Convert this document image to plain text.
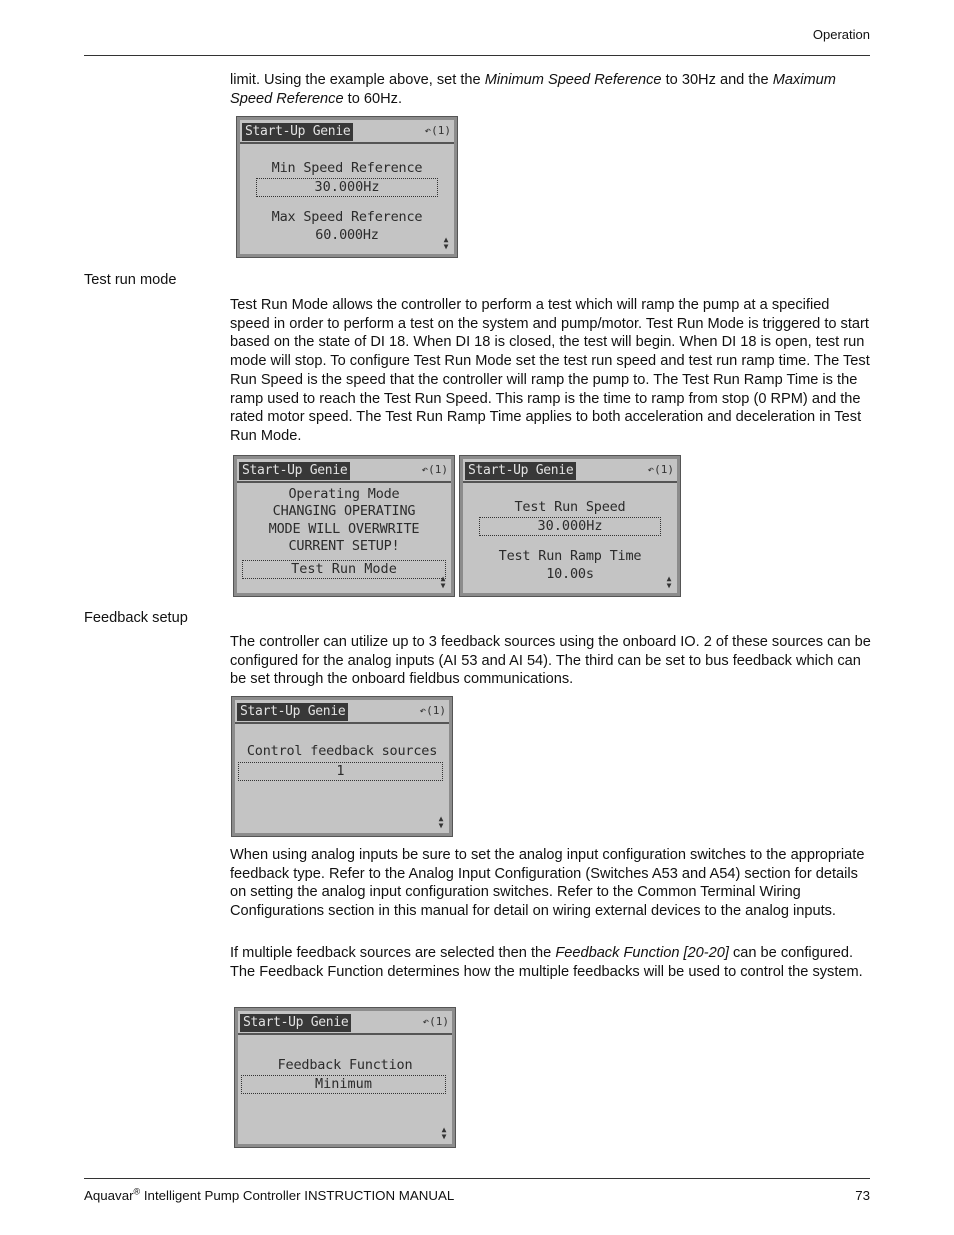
Operation

limit. Using the example above, set the Minimum Speed Reference to 30Hz and the Maximum Speed Reference to 60Hz.

Start-Up Genie	↶(1)
Min Speed Reference
30.000Hz
Max Speed Reference
60.000Hz	▲
▼
Test run mode

Test Run Mode allows the controller to perform a test which will ramp the pump at a specified speed in order to perform a test on the system and pump/motor. Test Run Mode is triggered to start based on the state of DI 18. When DI 18 is closed, the test will begin. When DI 18 is open, test run mode will stop. To configure Test Run Mode set the test run speed and test run ramp time. The Test Run Speed is the speed that the controller will ramp the pump to. The Test Run Ramp Time is the ramp used to reach the Test Run Speed. This ramp is the time to ramp from stop (0 RPM) and the rated motor speed. The Test Run Ramp Time applies to both acceleration and deceleration in Test Run Mode.

Start-Up Genie	↶(1)
Operating Mode
CHANGING OPERATING
MODE WILL OVERWRITE
CURRENT SETUP!
Test Run Mode
▲
▼
Start-Up Genie	↶(1)
Test Run Speed
30.000Hz
Test Run Ramp Time
10.00s	▲
▼
Feedback setup

The controller can utilize up to 3 feedback sources using the onboard IO. 2 of these sources can be configured for the analog inputs (AI 53 and AI 54). The third can be set to bus feedback which can be set through the onboard fieldbus communications.

Start-Up Genie	↶(1)
Control feedback sources
1
▲
▼

When using analog inputs be sure to set the analog input configuration switches to the appropriate feedback type. Refer to the Analog Input Configuration (Switches A53 and A54) section for details on setting the analog input configuration switches. Refer to the Common Terminal Wiring Configurations section in this manual for detail on wiring external devices to the analog inputs.

If multiple feedback sources are selected then the Feedback Function [20-20] can be configured. The Feedback Function determines how the multiple feedbacks will be used to control the system.

Start-Up Genie	↶(1)
Feedback Function
Minimum
▲
▼
Aquavar® Intelligent Pump Controller INSTRUCTION MANUAL	73
